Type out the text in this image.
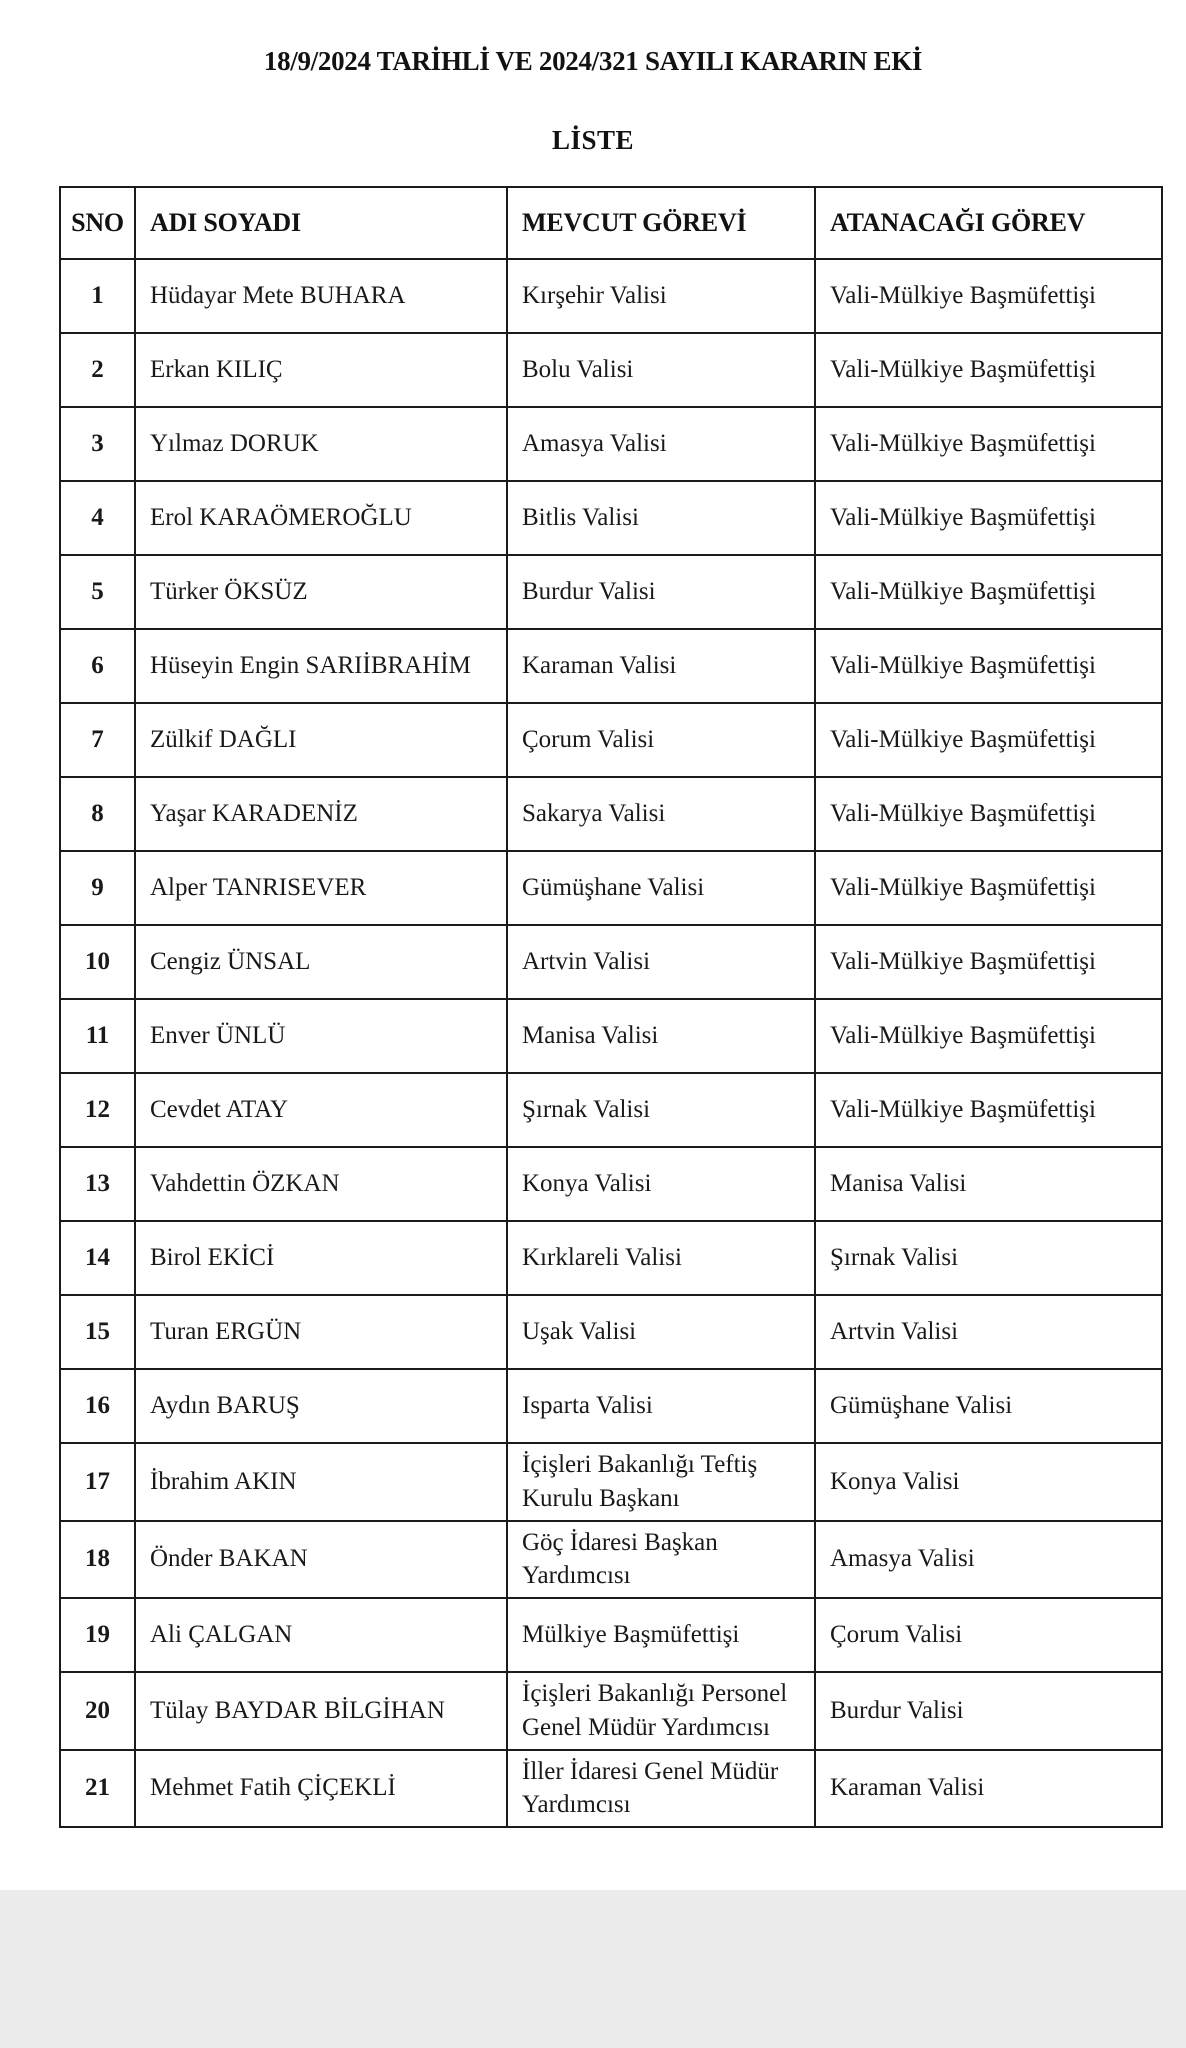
18/9/2024 TARİHLİ VE 2024/321 SAYILI KARARIN EKİ
LİSTE
SNO	ADI SOYADI	MEVCUT GÖREVİ	ATANACAĞI GÖREV
1	Hüdayar Mete BUHARA	Kırşehir Valisi	Vali-Mülkiye Başmüfettişi
2	Erkan KILIÇ	Bolu Valisi	Vali-Mülkiye Başmüfettişi
3	Yılmaz DORUK	Amasya Valisi	Vali-Mülkiye Başmüfettişi
4	Erol KARAÖMEROĞLU	Bitlis Valisi	Vali-Mülkiye Başmüfettişi
5	Türker ÖKSÜZ	Burdur Valisi	Vali-Mülkiye Başmüfettişi
6	Hüseyin Engin SARIİBRAHİM	Karaman Valisi	Vali-Mülkiye Başmüfettişi
7	Zülkif DAĞLI	Çorum Valisi	Vali-Mülkiye Başmüfettişi
8	Yaşar KARADENİZ	Sakarya Valisi	Vali-Mülkiye Başmüfettişi
9	Alper TANRISEVER	Gümüşhane Valisi	Vali-Mülkiye Başmüfettişi
10	Cengiz ÜNSAL	Artvin Valisi	Vali-Mülkiye Başmüfettişi
11	Enver ÜNLÜ	Manisa Valisi	Vali-Mülkiye Başmüfettişi
12	Cevdet ATAY	Şırnak Valisi	Vali-Mülkiye Başmüfettişi
13	Vahdettin ÖZKAN	Konya Valisi	Manisa Valisi
14	Birol EKİCİ	Kırklareli Valisi	Şırnak Valisi
15	Turan ERGÜN	Uşak Valisi	Artvin Valisi
16	Aydın BARUŞ	Isparta Valisi	Gümüşhane Valisi
17	İbrahim AKIN	İçişleri Bakanlığı Teftiş Kurulu Başkanı	Konya Valisi
18	Önder BAKAN	Göç İdaresi Başkan Yardımcısı	Amasya Valisi
19	Ali ÇALGAN	Mülkiye Başmüfettişi	Çorum Valisi
20	Tülay BAYDAR BİLGİHAN	İçişleri Bakanlığı Personel Genel Müdür Yardımcısı	Burdur Valisi
21	Mehmet Fatih ÇİÇEKLİ	İller İdaresi Genel Müdür Yardımcısı	Karaman Valisi
